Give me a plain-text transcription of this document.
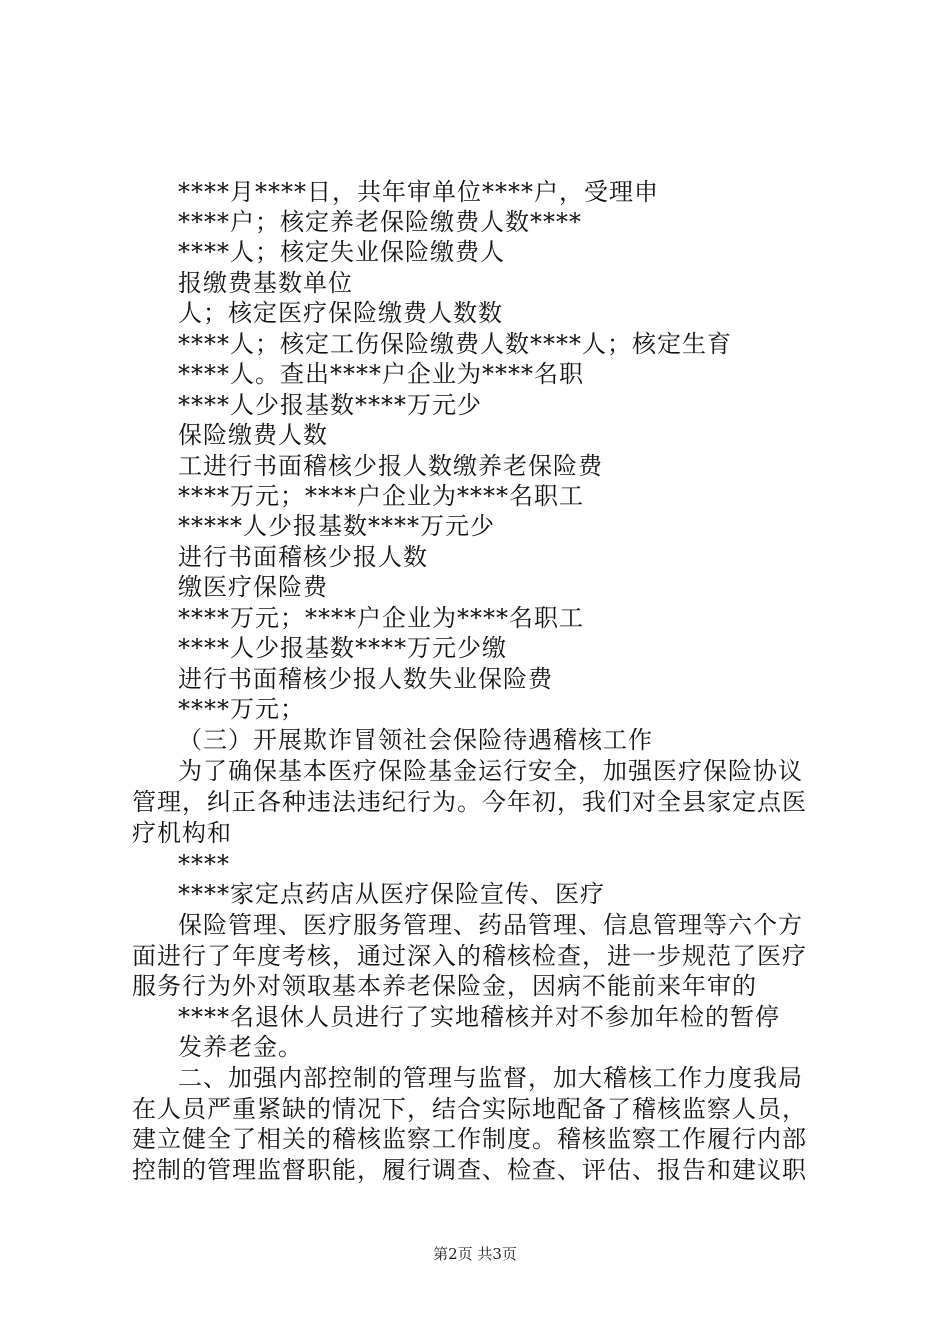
****月****日，共年审单位****户，受理申
****户；核定养老保险缴费人数****
****人；核定失业保险缴费人
报缴费基数单位
人；核定医疗保险缴费人数数
****人；核定工伤保险缴费人数****人；核定生育
****人。查出****户企业为****名职
****人少报基数****万元少
保险缴费人数
工进行书面稽核少报人数缴养老保险费
****万元；****户企业为****名职工
*****人少报基数****万元少
进行书面稽核少报人数
缴医疗保险费
****万元；****户企业为****名职工
****人少报基数****万元少缴
进行书面稽核少报人数失业保险费
****万元；
（三）开展欺诈冒领社会保险待遇稽核工作
为了确保基本医疗保险基金运行安全，加强医疗保险协议
管理，纠正各种违法违纪行为。今年初，我们对全县家定点医
疗机构和
****
****家定点药店从医疗保险宣传、医疗
保险管理、医疗服务管理、药品管理、信息管理等六个方
面进行了年度考核，通过深入的稽核检查，进一步规范了医疗
服务行为外对领取基本养老保险金，因病不能前来年审的
****名退休人员进行了实地稽核并对不参加年检的暂停
发养老金。
二、加强内部控制的管理与监督，加大稽核工作力度我局
在人员严重紧缺的情况下，结合实际地配备了稽核监察人员，
建立健全了相关的稽核监察工作制度。稽核监察工作履行内部
控制的管理监督职能，履行调查、检查、评估、报告和建议职
第2页 共3页
